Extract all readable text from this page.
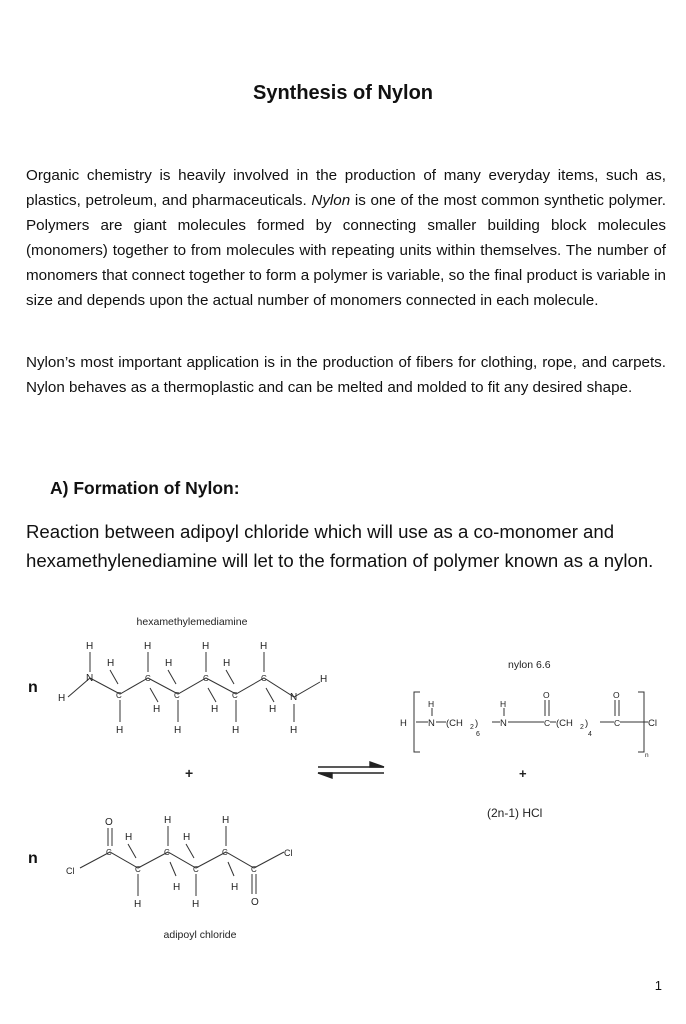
Synthesis of Nylon

Organic chemistry is heavily involved in the production of many everyday items, such as, plastics, petroleum, and pharmaceuticals. Nylon is one of the most common synthetic polymer. Polymers are giant molecules formed by connecting smaller building block molecules (monomers) together to from molecules with repeating units within themselves. The number of monomers that connect together to form a polymer is variable, so the final product is variable in size and depends upon the actual number of monomers connected in each molecule.

Nylon’s most important application is in the production of fibers for clothing, rope, and carpets. Nylon behaves as a thermoplastic and can be melted and molded to fit any desired shape.

A) Formation of Nylon:

Reaction between adipoyl chloride which will use as a co-monomer and hexamethylenediamine will let to the formation of polymer known as a nylon.

hexamethylemediamine
n
H	H	H	H
H	H	H
N
H	C
C
C
C
C
C
H	H	H
N
H
H	H	H	H
+
n
O	H	H
H	H
C
C
C
C
C
C
Cl
Cl
H	H
H	H	O
adipoyl chloride
nylon 6.6
H
H
N (CH 2 )
6
H
N
O
C (CH 2 )
4
O
C	Cl
n
+
(2n-1) HCl
1
